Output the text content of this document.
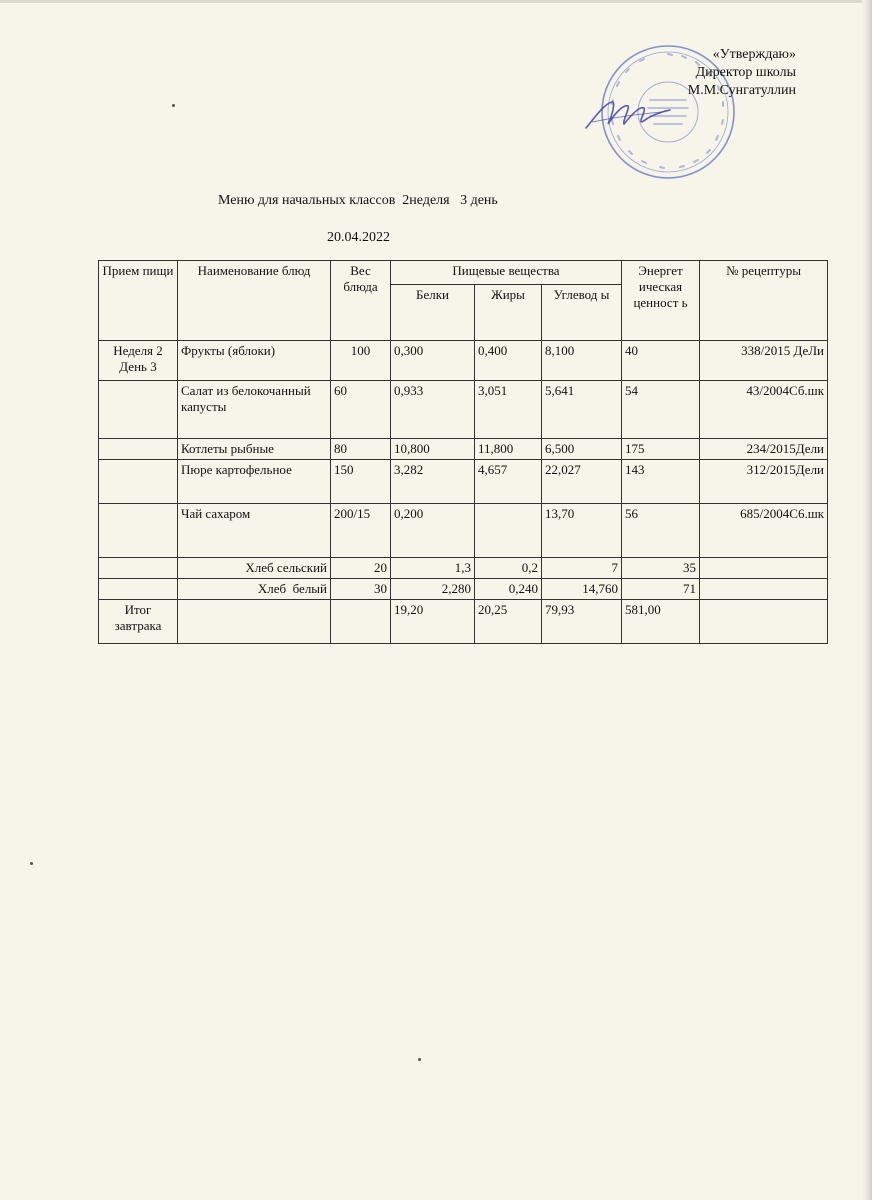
«Утверждаю»
Директор школы
М.М.Сунгатуллин
Меню для начальных классов  2неделя   3 день
20.04.2022
Прием пищи	Наименование блюд	Вес блюда	Пищевые вещества			Энергет ическая ценност ь	№ рецептуры
			Белки	Жиры	Углевод ы		
Неделя 2 День 3	Фрукты (яблоки)	100	0,300	0,400	8,100	40	338/2015 ДеЛи
	Салат из белокочанный капусты	60	0,933	3,051	5,641	54	43/2004Сб.шк
	Котлеты рыбные	80	10,800	11,800	6,500	175	234/2015Дели
	Пюре картофельное	150	3,282	4,657	22,027	143	312/2015Дели
	Чай сахаром	200/15	0,200		13,70	56	685/2004С6.шк
	Хлеб сельский	20	1,3	0,2	7	35	
	Хлеб  белый	30	2,280	0,240	14,760	71	
Итог завтрака			19,20	20,25	79,93	581,00	
